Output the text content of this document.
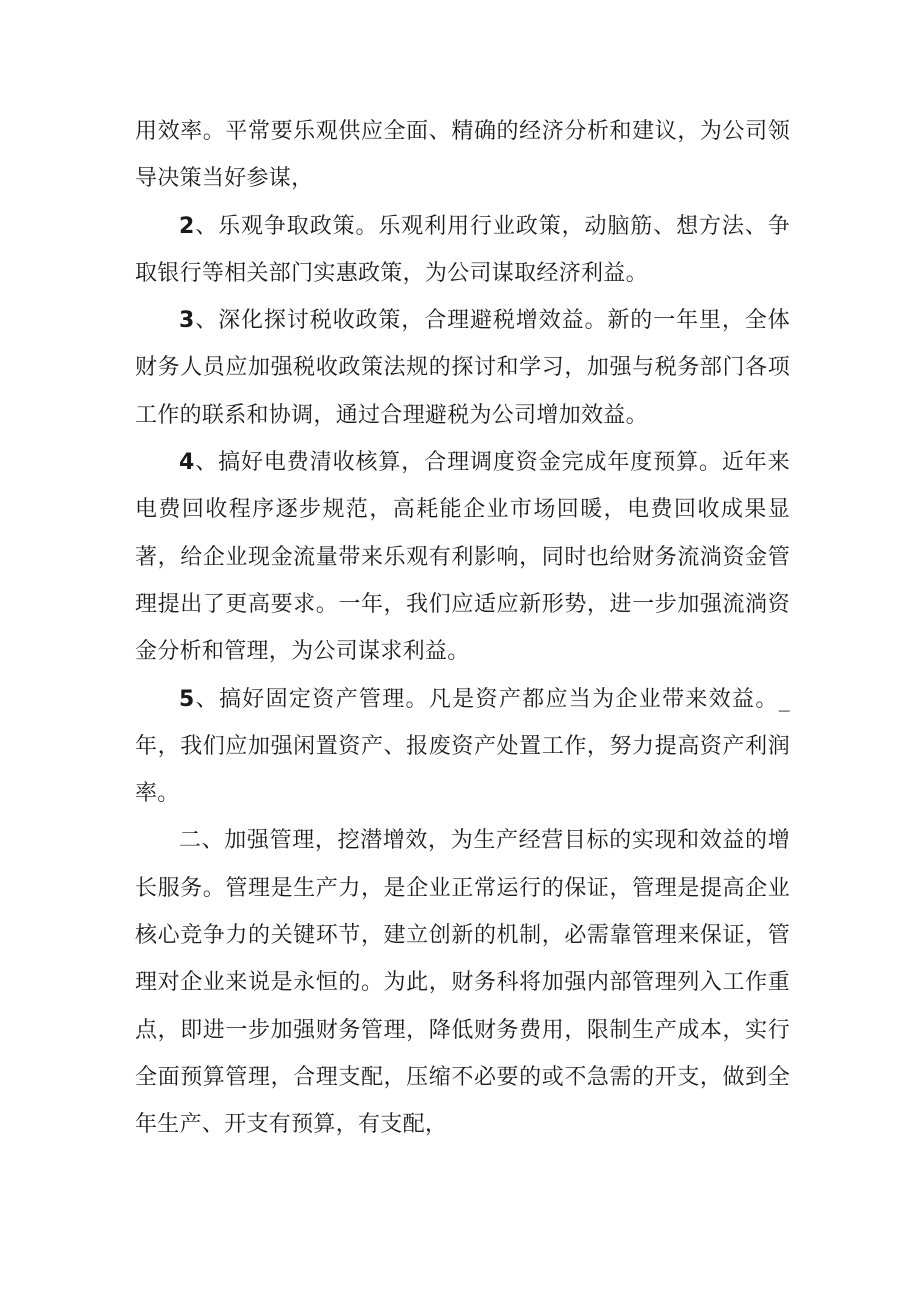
用效率。平常要乐观供应全面、精确的经济分析和建议，为公司领导决策当好参谋，

2、乐观争取政策。乐观利用行业政策，动脑筋、想方法、争取银行等相关部门实惠政策，为公司谋取经济利益。

3、深化探讨税收政策，合理避税增效益。新的一年里，全体财务人员应加强税收政策法规的探讨和学习，加强与税务部门各项工作的联系和协调，通过合理避税为公司增加效益。

4、搞好电费清收核算，合理调度资金完成年度预算。近年来电费回收程序逐步规范，高耗能企业市场回暖，电费回收成果显著，给企业现金流量带来乐观有利影响，同时也给财务流淌资金管理提出了更高要求。一年，我们应适应新形势，进一步加强流淌资金分析和管理，为公司谋求利益。

5、搞好固定资产管理。凡是资产都应当为企业带来效益。_年，我们应加强闲置资产、报废资产处置工作，努力提高资产利润率。

二、加强管理，挖潜增效，为生产经营目标的实现和效益的增长服务。管理是生产力，是企业正常运行的保证，管理是提高企业核心竞争力的关键环节，建立创新的机制，必需靠管理来保证，管理对企业来说是永恒的。为此，财务科将加强内部管理列入工作重点，即进一步加强财务管理，降低财务费用，限制生产成本，实行全面预算管理，合理支配，压缩不必要的或不急需的开支，做到全年生产、开支有预算，有支配，
